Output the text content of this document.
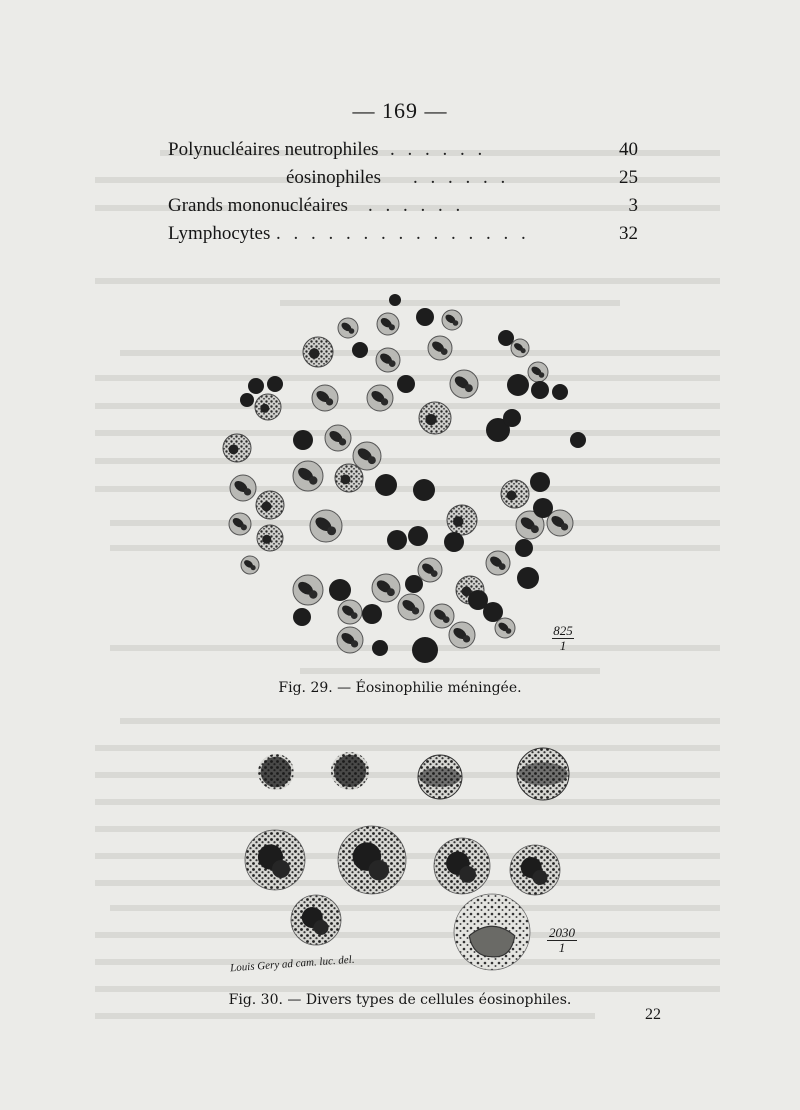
— 169 —
Polynucléaires neutrophiles . . . . . .	40
éosinophiles . . . . . .	25
Grands mononucléaires . . . . . .	3
Lymphocytes . . . . . . . . . . . . . . .	32
825
1
Fig. 29. — Éosinophilie méningée.
2030
1
Louis Gery ad cam. luc. del.
Fig. 30. — Divers types de cellules éosinophiles.
22
